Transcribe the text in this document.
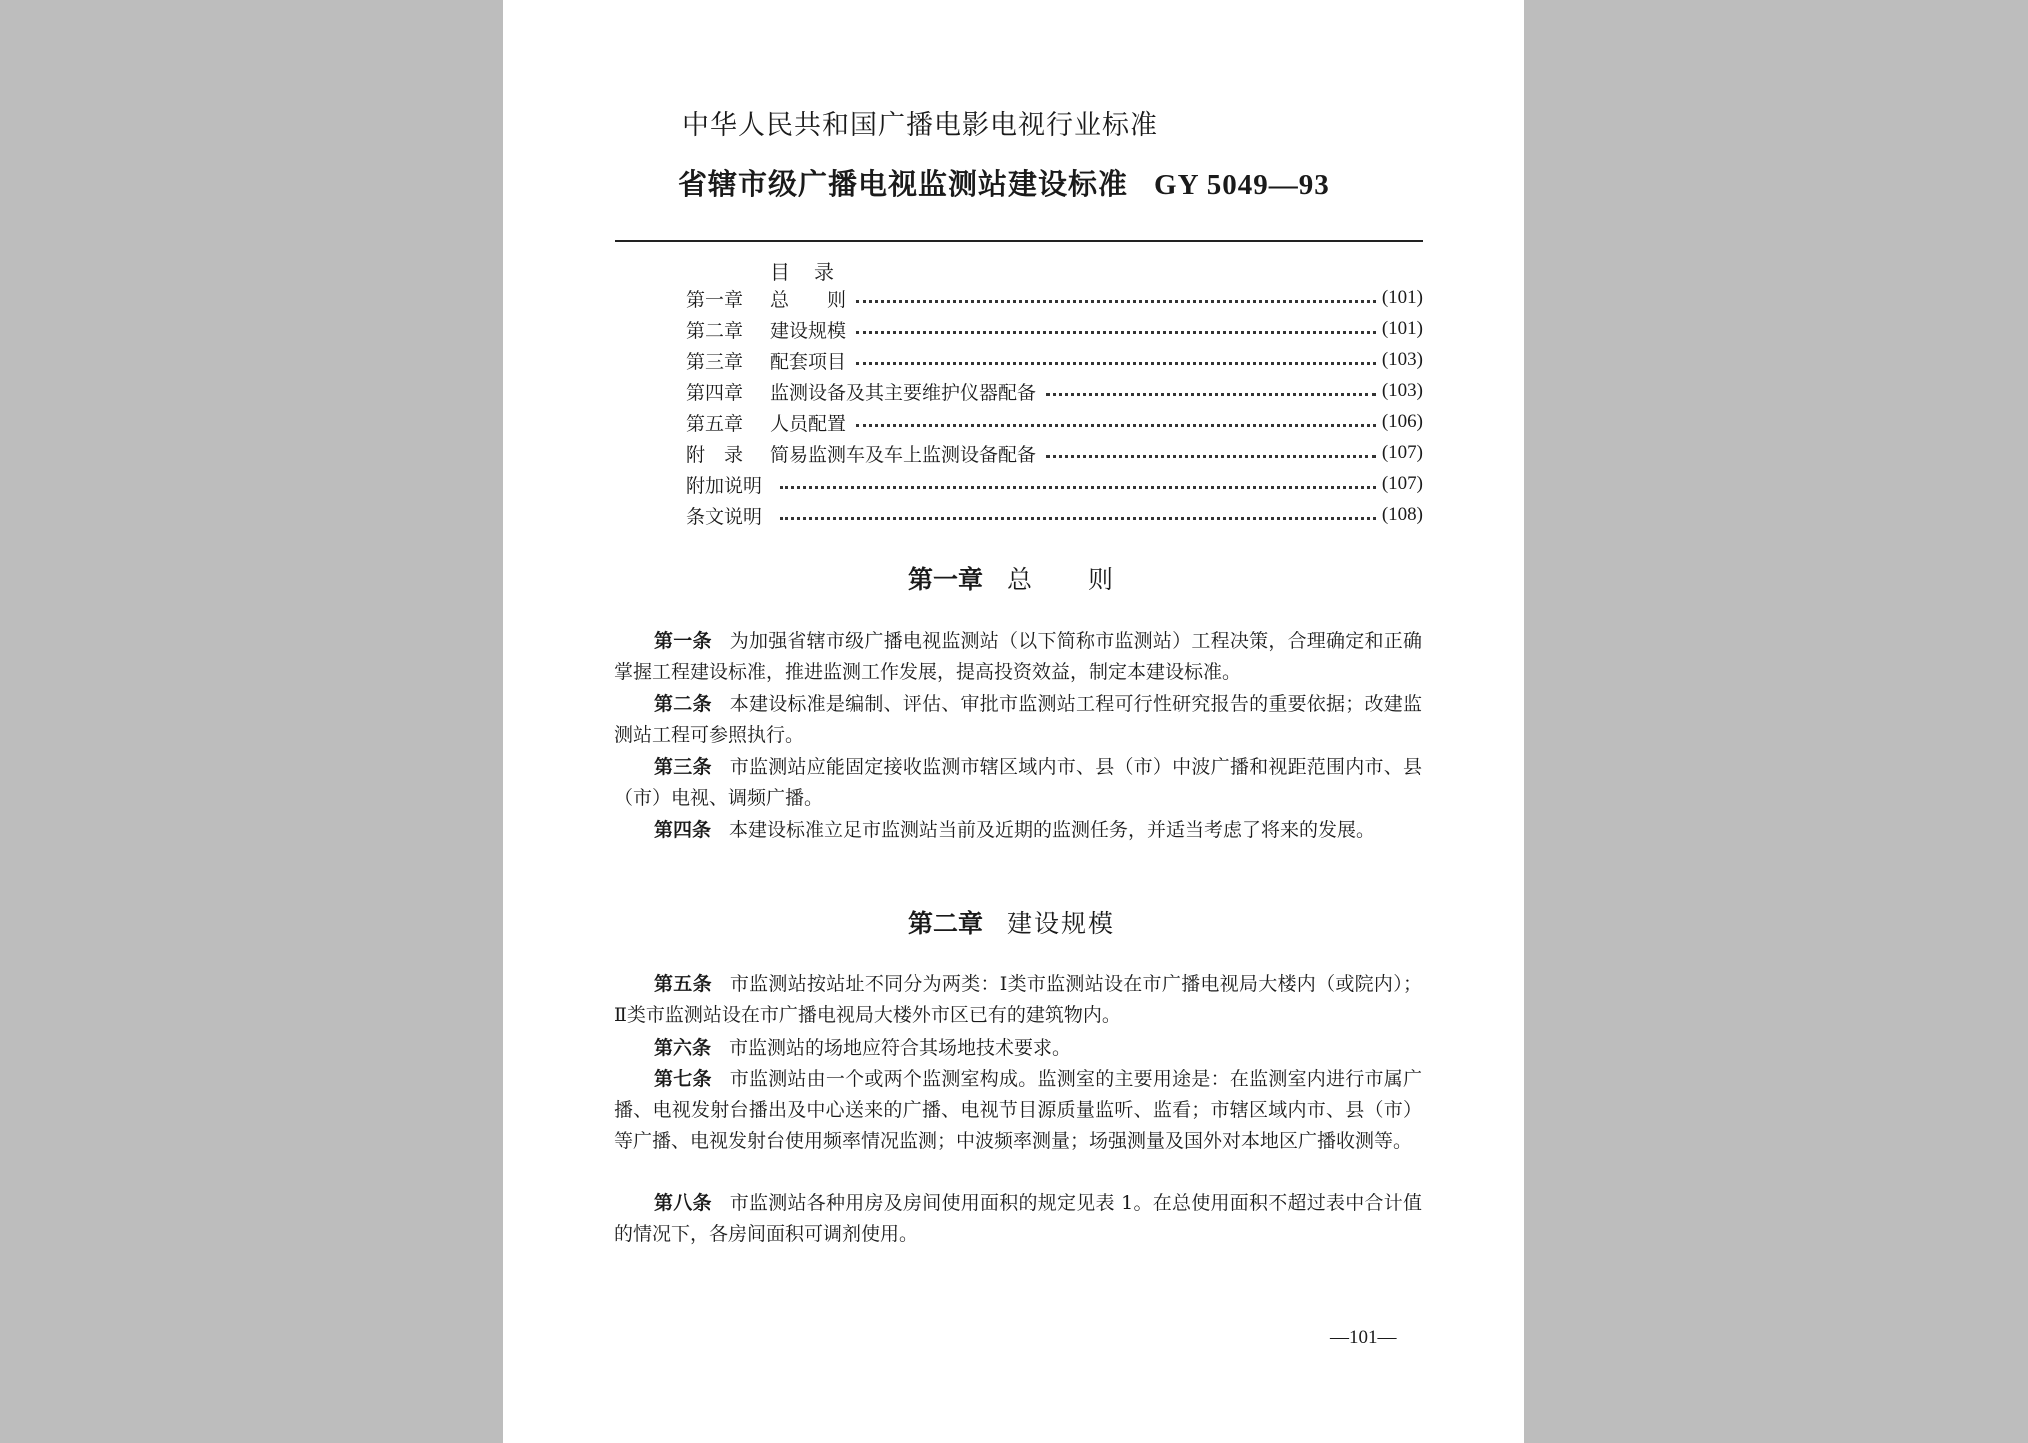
中华人民共和国广播电影电视行业标准
省辖市级广播电视监测站建设标准 GY 5049—93
目录
第一章	总　　则	(101)
第二章	建设规模	(101)
第三章	配套项目	(103)
第四章	监测设备及其主要维护仪器配备	(103)
第五章	人员配置	(106)
附　录	简易监测车及车上监测设备配备	(107)
附加说明	(107)
条文说明	(108)
第一章 总　　则
第一条 为加强省辖市级广播电视监测站（以下简称市监测站）工程决策，合理确定和正确掌握工程建设标准，推进监测工作发展，提高投资效益，制定本建设标准。
第二条 本建设标准是编制、评估、审批市监测站工程可行性研究报告的重要依据；改建监测站工程可参照执行。
第三条 市监测站应能固定接收监测市辖区域内市、县（市）中波广播和视距范围内市、县（市）电视、调频广播。
第四条 本建设标准立足市监测站当前及近期的监测任务，并适当考虑了将来的发展。
第二章 建设规模
第五条 市监测站按站址不同分为两类：Ⅰ类市监测站设在市广播电视局大楼内（或院内）；Ⅱ类市监测站设在市广播电视局大楼外市区已有的建筑物内。
第六条 市监测站的场地应符合其场地技术要求。
第七条 市监测站由一个或两个监测室构成。监测室的主要用途是：在监测室内进行市属广播、电视发射台播出及中心送来的广播、电视节目源质量监听、监看；市辖区域内市、县（市）等广播、电视发射台使用频率情况监测；中波频率测量；场强测量及国外对本地区广播收测等。
第八条 市监测站各种用房及房间使用面积的规定见表 1。在总使用面积不超过表中合计值的情况下，各房间面积可调剂使用。
—101—
